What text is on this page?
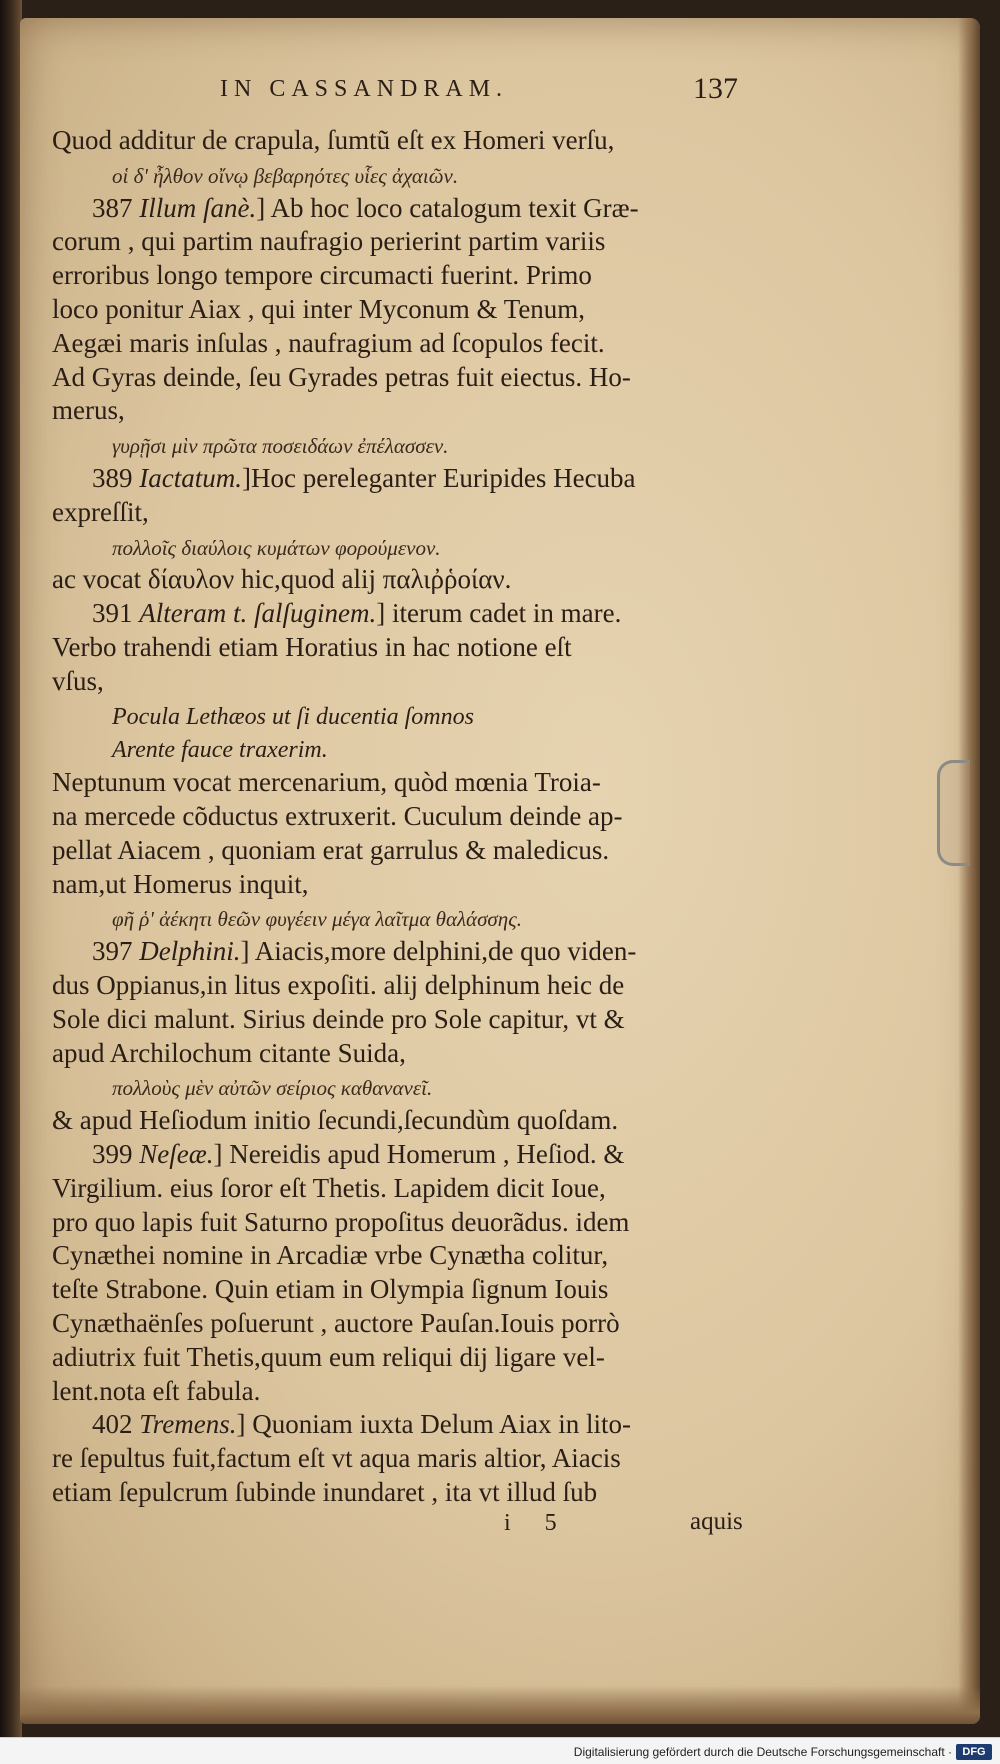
IN CASSANDRAM.	137
Quod additur de crapula, ſumtũ eſt ex Homeri verſu,
οἱ δ' ἦλθον οἴνῳ βεβαρηότες υἷες ἀχαιῶν.
387 Illum ſanè.] Ab hoc loco catalogum texit Græ-
corum , qui partim naufragio perierint partim variis
erroribus longo tempore circumacti fuerint. Primo
loco ponitur Aiax , qui inter Myconum & Tenum,
Aegæi maris inſulas , naufragium ad ſcopulos fecit.
Ad Gyras deinde, ſeu Gyrades petras fuit eiectus. Ho-
merus,
γυρῇσι μὶν πρῶτα ποσειδάων ἐπέλασσεν.
389 Iactatum.]Hoc pereleganter Euripides Hecuba
expreſſit,
πολλοῖς διαύλοις κυμάτων φορούμενον.
ac vocat δίαυλον hic,quod alij παλιῤῥοίαν.
391 Alteram t. ſalſuginem.] iterum cadet in mare.
Verbo trahendi etiam Horatius in hac notione eſt
vſus,
Pocula Lethæos ut ſi ducentia ſomnos
Arente fauce traxerim.
Neptunum vocat mercenarium, quòd mœnia Troia-
na mercede cõductus extruxerit. Cuculum deinde ap-
pellat Aiacem , quoniam erat garrulus & maledicus.
nam,ut Homerus inquit,
φῆ ῥ' ἀέκητι θεῶν φυγέειν μέγα λαῖτμα θαλάσσης.
397 Delphini.] Aiacis,more delphini,de quo viden-
dus Oppianus,in litus expoſiti. alij delphinum heic de
Sole dici malunt. Sirius deinde pro Sole capitur, vt &
apud Archilochum citante Suida,
πολλοὺς μὲν αὐτῶν σείριος καθανανεῖ.
& apud Heſiodum initio ſecundi,ſecundùm quoſdam.
399 Neſeæ.] Nereidis apud Homerum , Heſiod. &
Virgilium. eius ſoror eſt Thetis. Lapidem dicit Ioue,
pro quo lapis fuit Saturno propoſitus deuorãdus. idem
Cynæthei nomine in Arcadiæ vrbe Cynætha colitur,
teſte Strabone. Quin etiam in Olympia ſignum Iouis
Cynæthaënſes poſuerunt , auctore Pauſan.Iouis porrò
adiutrix fuit Thetis,quum eum reliqui dij ligare vel-
lent.nota eſt fabula.
402 Tremens.] Quoniam iuxta Delum Aiax in lito-
re ſepultus fuit,factum eſt vt aqua maris altior, Aiacis
etiam ſepulcrum ſubinde inundaret , ita vt illud ſub
i 5	aquis
Digitalisierung gefördert durch die Deutsche Forschungsgemeinschaft · DFG
